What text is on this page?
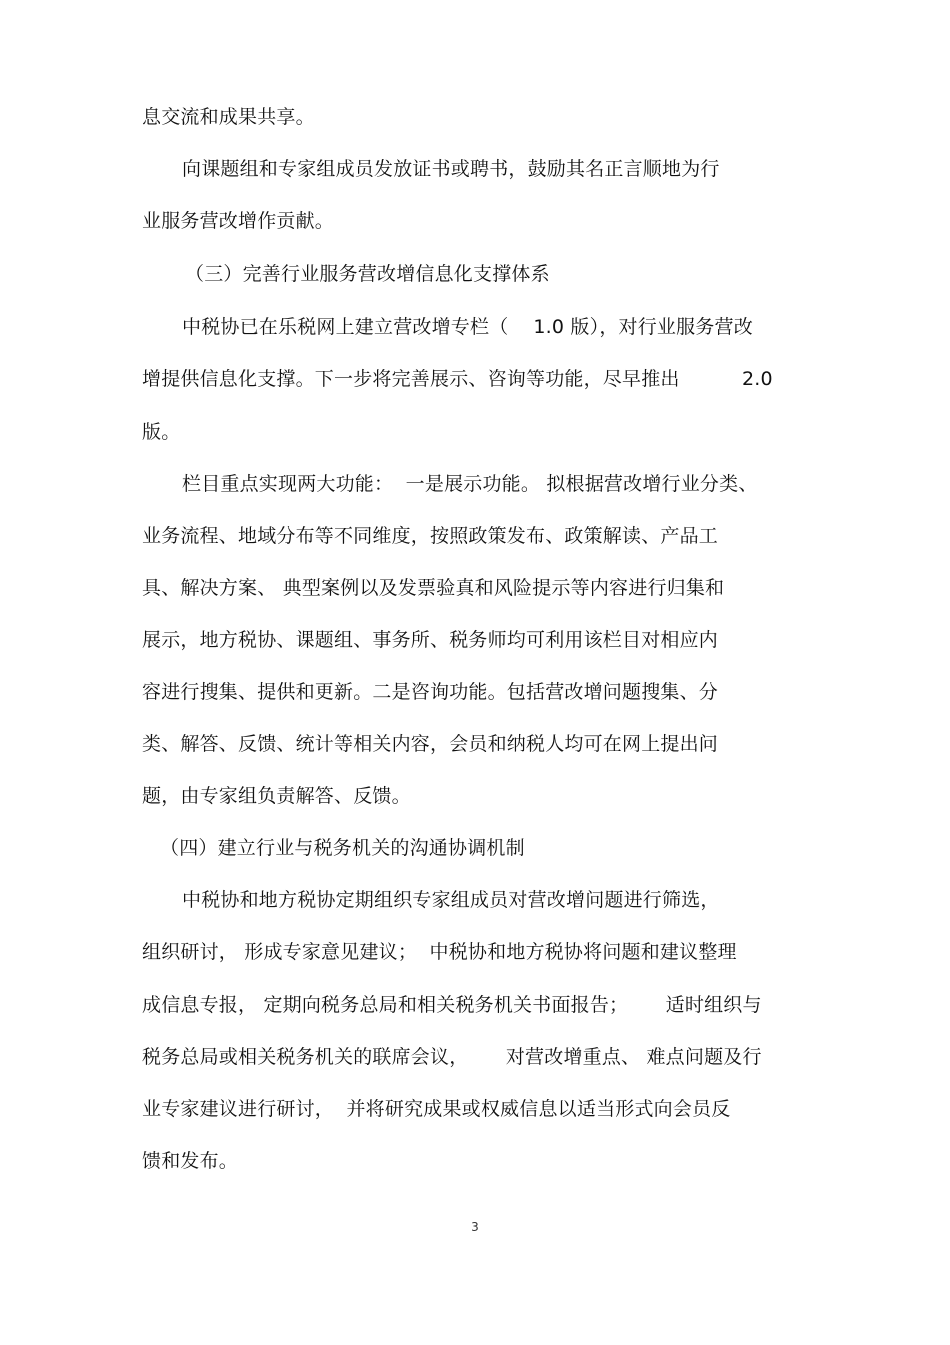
息交流和成果共享。
向课题组和专家组成员发放证书或聘书，鼓励其名正言顺地为行
业服务营改增作贡献。
（三）完善行业服务营改增信息化支撑体系
中税协已在乐税网上建立营改增专栏（    1.0 版），对行业服务营改
增提供信息化支撑。下一步将完善展示、咨询等功能，尽早推出          2.0
版。
栏目重点实现两大功能：  一是展示功能。 拟根据营改增行业分类、
业务流程、地域分布等不同维度，按照政策发布、政策解读、产品工
具、解决方案、 典型案例以及发票验真和风险提示等内容进行归集和
展示，地方税协、课题组、事务所、税务师均可利用该栏目对相应内
容进行搜集、提供和更新。二是咨询功能。包括营改增问题搜集、分
类、解答、反馈、统计等相关内容，会员和纳税人均可在网上提出问
题，由专家组负责解答、反馈。
（四）建立行业与税务机关的沟通协调机制
中税协和地方税协定期组织专家组成员对营改增问题进行筛选，
组织研讨， 形成专家意见建议；  中税协和地方税协将问题和建议整理
成信息专报， 定期向税务总局和相关税务机关书面报告；      适时组织与
税务总局或相关税务机关的联席会议，      对营改增重点、 难点问题及行
业专家建议进行研讨，  并将研究成果或权威信息以适当形式向会员反
馈和发布。
3
